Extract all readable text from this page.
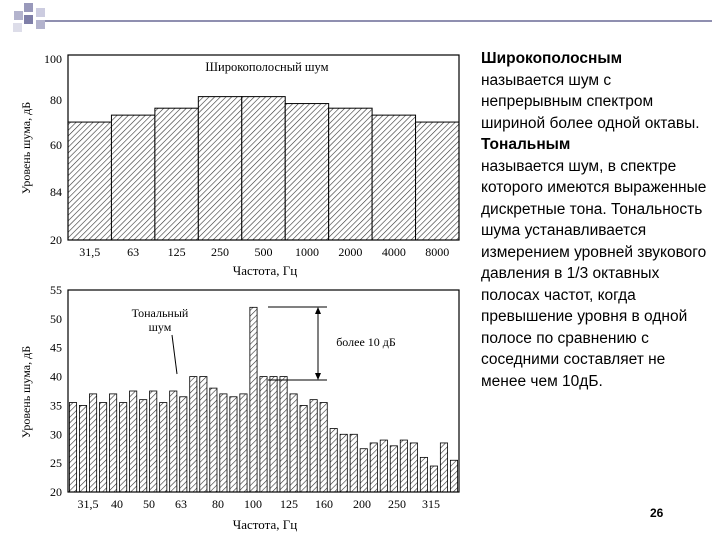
100
80
60
84
20
31,5 63 125 250 500 1000 2000 4000 8000
Широкополосный шум
Частота, Гц
Уровень шума, дБ
55
50
45
40
35
30
25
20
31,5 40 50 63 80 100 125 160 200 250 315
Тональный
шум
более 10 дБ
Частота, Гц
Уровень шума, дБ
Широкополосным
называется шум с непрерывным спектром шириной более одной октавы.
Тональным
называется шум, в спектре которого имеются выраженные дискретные тона. Тональность шума устанавливается измерением уровней звукового давления в 1/3 октавных полосах частот, когда превышение уровня в одной полосе по сравнению с соседними составляет не менее чем 10дБ.
26
